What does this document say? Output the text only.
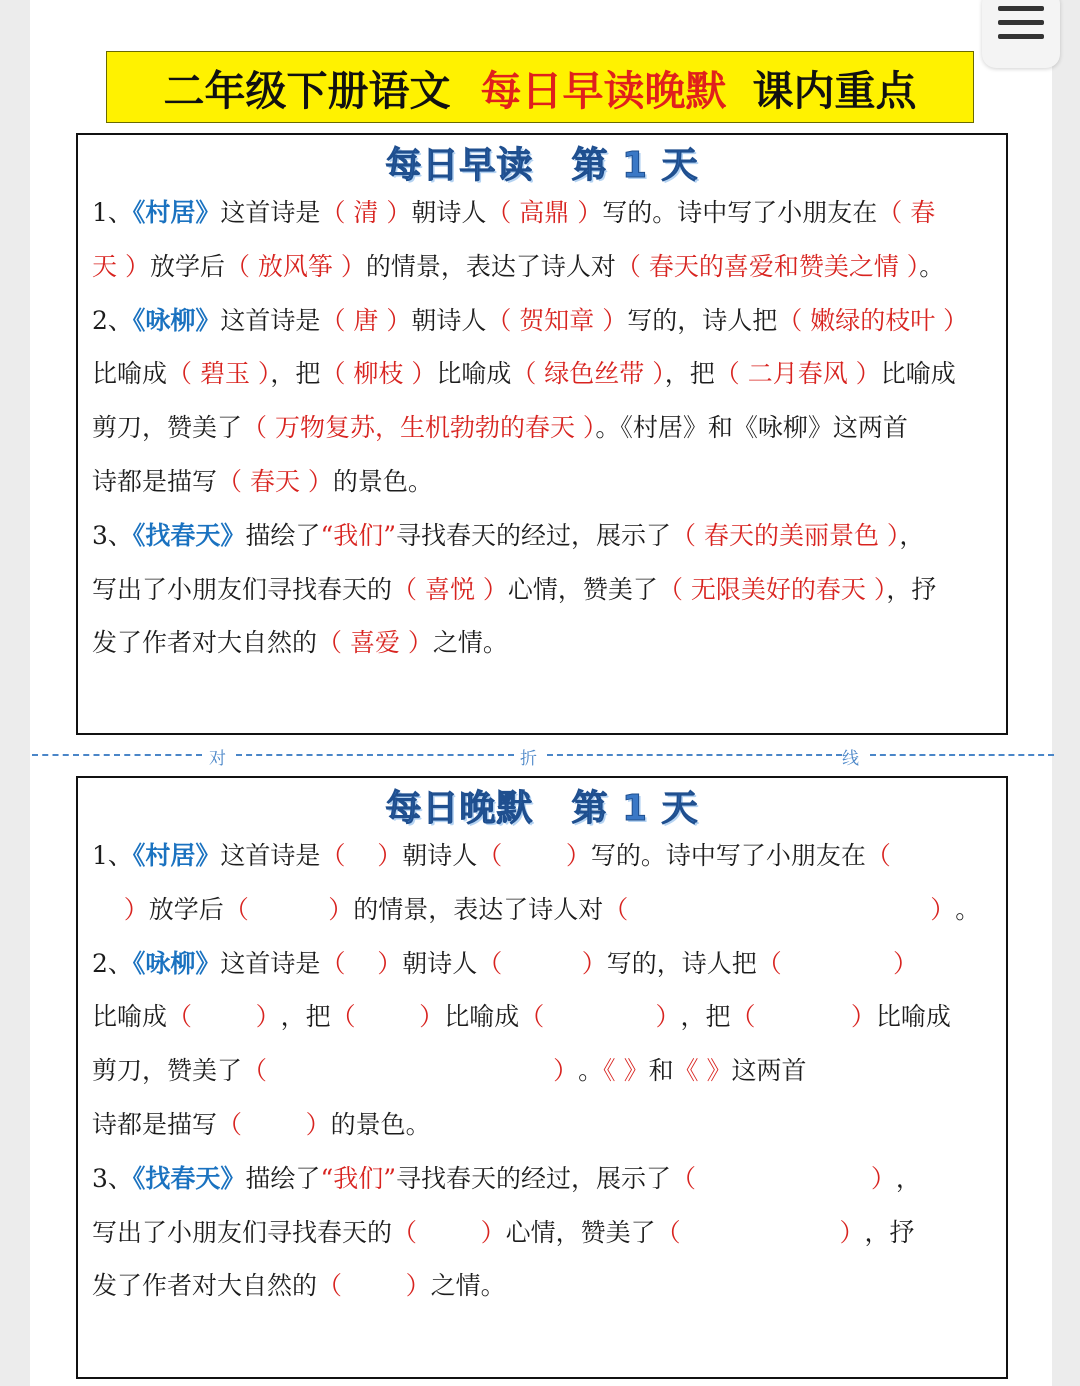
二年级下册语文 每日早读晚默 课内重点
每日早读 第 1 天
1、《村居》这首诗是（ 清 ）朝诗人（ 高鼎 ）写的。诗中写了小朋友在（ 春
天 ）放学后（ 放风筝 ）的情景，表达了诗人对（ 春天的喜爱和赞美之情 ）。
2、《咏柳》这首诗是（ 唐 ）朝诗人（ 贺知章 ）写的，诗人把（ 嫩绿的枝叶 ）
比喻成（ 碧玉 ），把（ 柳枝 ）比喻成（ 绿色丝带 ），把（ 二月春风 ）比喻成
剪刀，赞美了（ 万物复苏，生机勃勃的春天 ）。《村居》和《咏柳》这两首
诗都是描写（ 春天 ）的景色。
3、《找春天》描绘了“我们”寻找春天的经过，展示了（ 春天的美丽景色 ），
写出了小朋友们寻找春天的（ 喜悦 ）心情，赞美了（ 无限美好的春天 ），抒
发了作者对大自然的（ 喜爱 ）之情。
对	折	线
每日晚默 第 1 天
1、《村居》这首诗是（    ）朝诗人（        ）写的。诗中写了小朋友在（
）放学后（          ）的情景，表达了诗人对（                                      ）。
2、《咏柳》这首诗是（    ）朝诗人（          ）写的，诗人把（              ）
比喻成（        ），把（        ）比喻成（              ），把（            ）比喻成
剪刀，赞美了（                                    ）。《 》和《 》这两首
诗都是描写（        ）的景色。
3、《找春天》描绘了“我们”寻找春天的经过，展示了（                      ），
写出了小朋友们寻找春天的（        ）心情，赞美了（                    ），抒
发了作者对大自然的（        ）之情。
